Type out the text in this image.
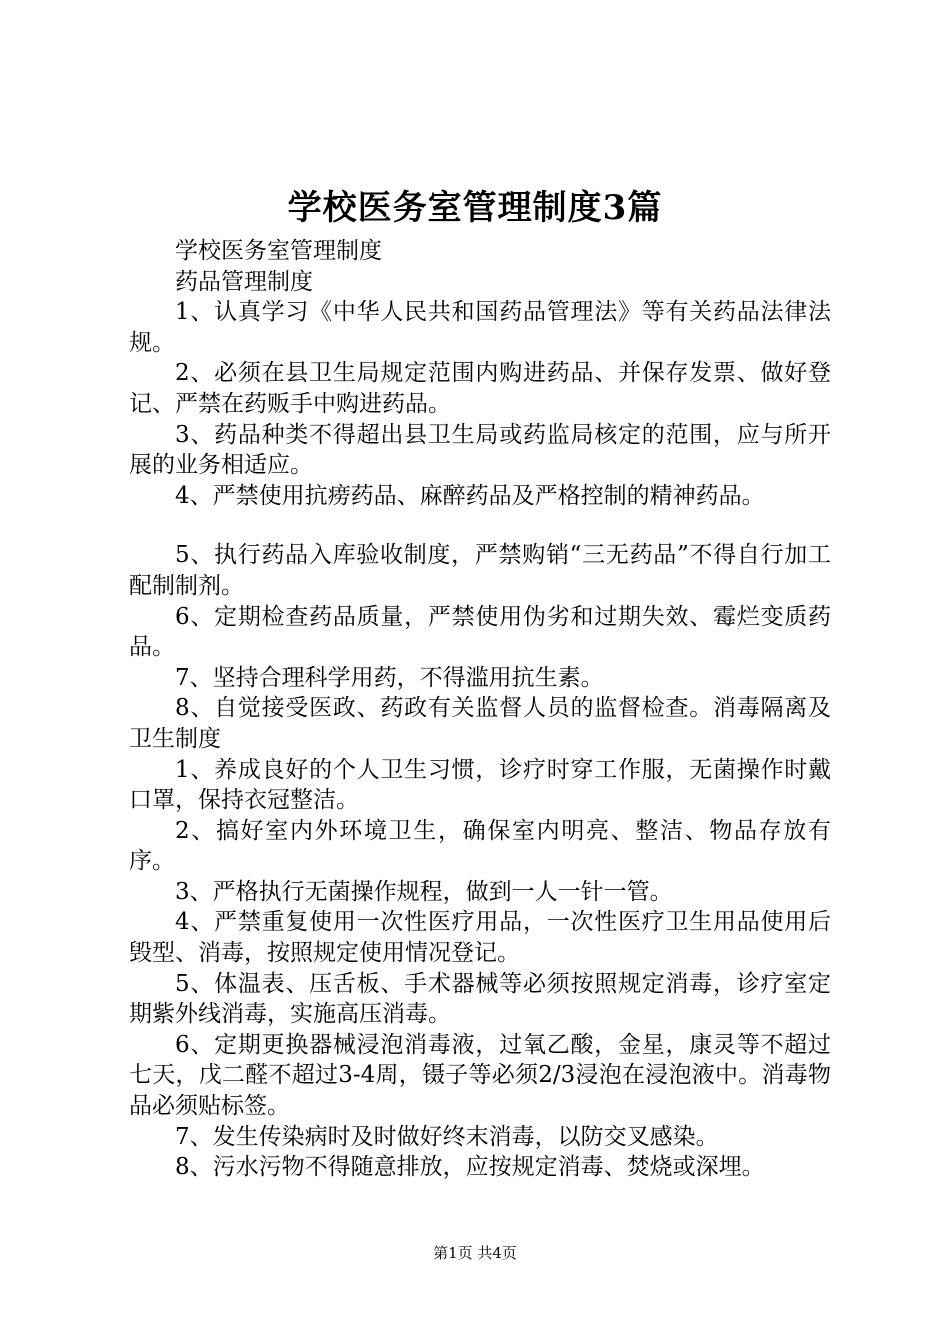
学校医务室管理制度3篇

学校医务室管理制度

药品管理制度

1、认真学习《中华人民共和国药品管理法》等有关药品法律法规。

2、必须在县卫生局规定范围内购进药品、并保存发票、做好登记、严禁在药贩手中购进药品。

3、药品种类不得超出县卫生局或药监局核定的范围，应与所开展的业务相适应。

4、严禁使用抗痨药品、麻醉药品及严格控制的精神药品。

5、执行药品入库验收制度，严禁购销“三无药品”不得自行加工配制制剂。

6、定期检查药品质量，严禁使用伪劣和过期失效、霉烂变质药品。

7、坚持合理科学用药，不得滥用抗生素。

8、自觉接受医政、药政有关监督人员的监督检查。消毒隔离及卫生制度

1、养成良好的个人卫生习惯，诊疗时穿工作服，无菌操作时戴口罩，保持衣冠整洁。

2、搞好室内外环境卫生，确保室内明亮、整洁、物品存放有序。

3、严格执行无菌操作规程，做到一人一针一管。

4、严禁重复使用一次性医疗用品，一次性医疗卫生用品使用后毁型、消毒，按照规定使用情况登记。

5、体温表、压舌板、手术器械等必须按照规定消毒，诊疗室定期紫外线消毒，实施高压消毒。

6、定期更换器械浸泡消毒液，过氧乙酸，金星，康灵等不超过七天，戊二醛不超过3-4周，镊子等必须2/3浸泡在浸泡液中。消毒物品必须贴标签。

7、发生传染病时及时做好终末消毒，以防交叉感染。

8、污水污物不得随意排放，应按规定消毒、焚烧或深埋。

第1页 共4页
